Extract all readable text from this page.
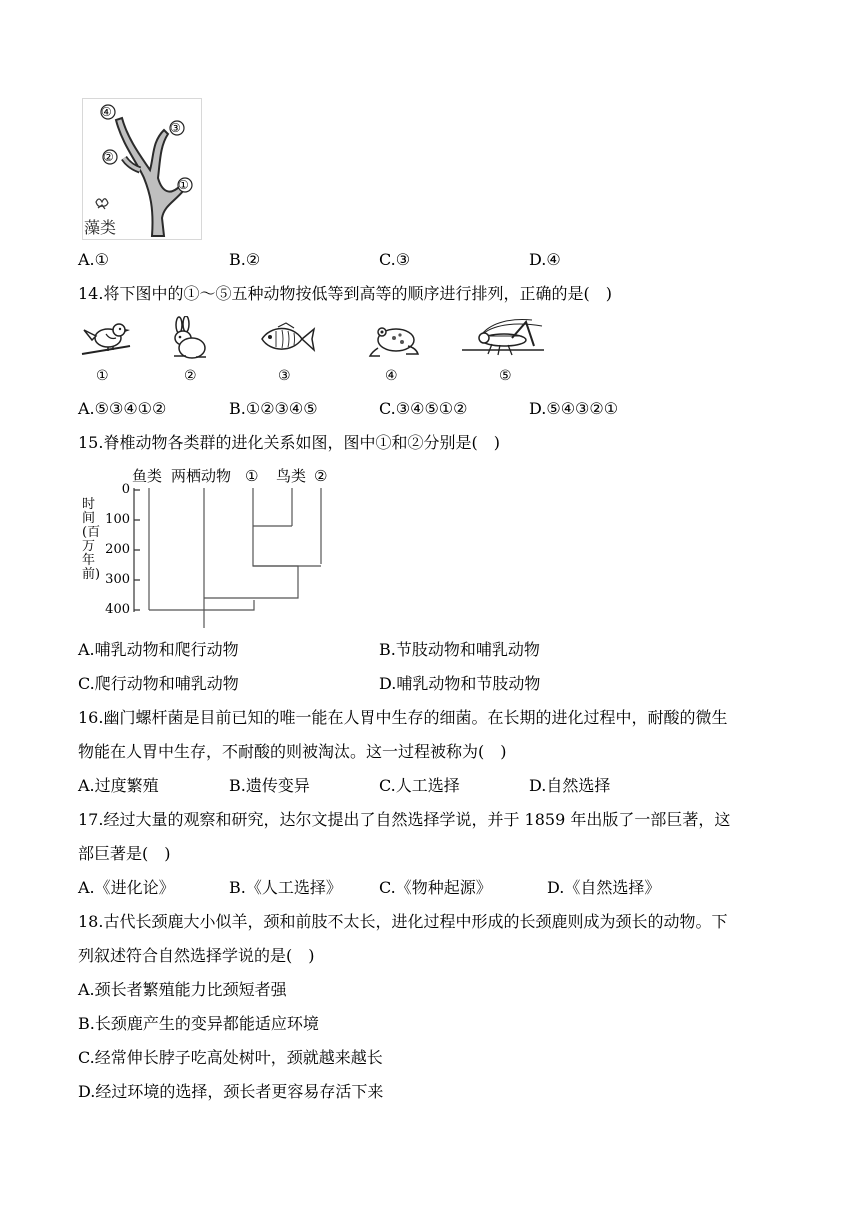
④
③
②
①
藻类
A.①	B.②	C.③	D.④
14.将下图中的①～⑤五种动物按低等到高等的顺序进行排列，正确的是(　)
①	②	③	④	⑤
A.⑤③④①②	B.①②③④⑤	C.③④⑤①②	D.⑤④③②①
15.脊椎动物各类群的进化关系如图，图中①和②分别是(　)
鱼类 两栖动物 ① 鸟类 ②
0
100
200
300
400
时间(百万年前)
A.哺乳动物和爬行动物	B.节肢动物和哺乳动物
C.爬行动物和哺乳动物	D.哺乳动物和节肢动物
16.幽门螺杆菌是目前已知的唯一能在人胃中生存的细菌。在长期的进化过程中，耐酸的微生
物能在人胃中生存，不耐酸的则被淘汰。这一过程被称为(　)
A.过度繁殖	B.遗传变异	C.人工选择	D.自然选择
17.经过大量的观察和研究，达尔文提出了自然选择学说，并于 1859 年出版了一部巨著，这
部巨著是(　)
A.《进化论》	B.《人工选择》 C.《物种起源》	D.《自然选择》
18.古代长颈鹿大小似羊，颈和前肢不太长，进化过程中形成的长颈鹿则成为颈长的动物。下
列叙述符合自然选择学说的是(　)
A.颈长者繁殖能力比颈短者强
B.长颈鹿产生的变异都能适应环境
C.经常伸长脖子吃高处树叶，颈就越来越长
D.经过环境的选择，颈长者更容易存活下来
